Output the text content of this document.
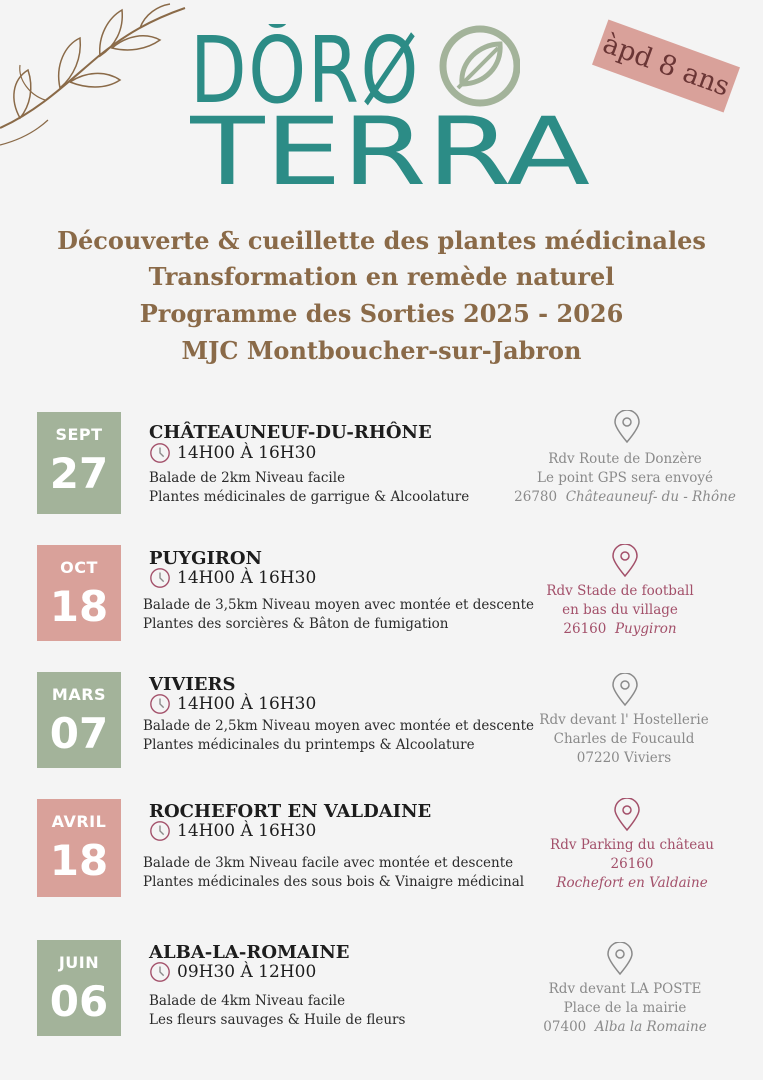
DŎRØ
TERRA
àpd 8 ans
Découverte & cueillette des plantes médicinales
Transformation en remède naturel
Programme des Sorties 2025 - 2026
MJC Montboucher-sur-Jabron
SEPT
27
CHÂTEAUNEUF-DU-RHÔNE
14H00 À 16H30
Balade de 2km Niveau facile
Plantes médicinales de garrigue & Alcoolature
Rdv Route de Donzère
Le point GPS sera envoyé
26780 Châteauneuf- du - Rhône
OCT
18
PUYGIRON
14H00 À 16H30
Balade de 3,5km Niveau moyen avec montée et descente
Plantes des sorcières & Bâton de fumigation
Rdv Stade de football
en bas du village
26160 Puygiron
MARS
07
VIVIERS
14H00 À 16H30
Balade de 2,5km Niveau moyen avec montée et descente
Plantes médicinales du printemps & Alcoolature
Rdv devant l' Hostellerie
Charles de Foucauld
07220 Viviers
AVRIL
18
ROCHEFORT EN VALDAINE
14H00 À 16H30
Balade de 3km Niveau facile avec montée et descente
Plantes médicinales des sous bois & Vinaigre médicinal
Rdv Parking du château
26160
Rochefort en Valdaine
JUIN
06
ALBA-LA-ROMAINE
09H30 À 12H00
Balade de 4km Niveau facile
Les fleurs sauvages & Huile de fleurs
Rdv devant LA POSTE
Place de la mairie
07400 Alba la Romaine
